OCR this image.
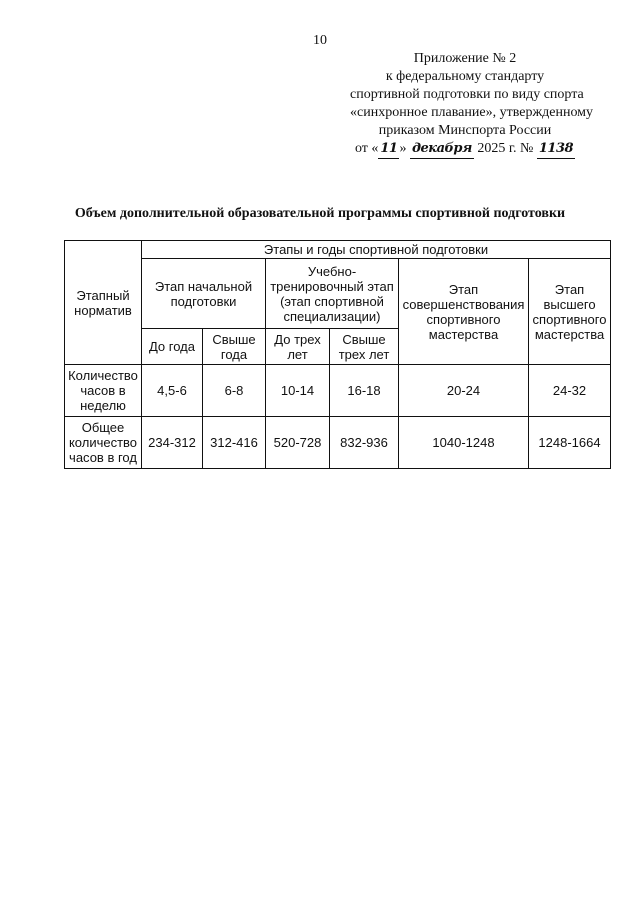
10
Приложение № 2
к федеральному стандарту
спортивной подготовки по виду спорта
«синхронное плавание», утвержденному
приказом Минспорта России
от « 11 » декабря 2025 г. № 1138
Объем дополнительной образовательной программы спортивной подготовки
Этапный норматив	Этапы и годы спортивной подготовки					
	Этап начальной подготовки		Учебно-тренировочный этап (этап спортивной специализации)		Этап совершенствования спортивного мастерства	Этап высшего спортивного мастерства
	До года	Свыше года	До трех лет	Свыше трех лет		
Количество часов в неделю	4,5-6	6-8	10-14	16-18	20-24	24-32
Общее количество часов в год	234-312	312-416	520-728	832-936	1040-1248	1248-1664
